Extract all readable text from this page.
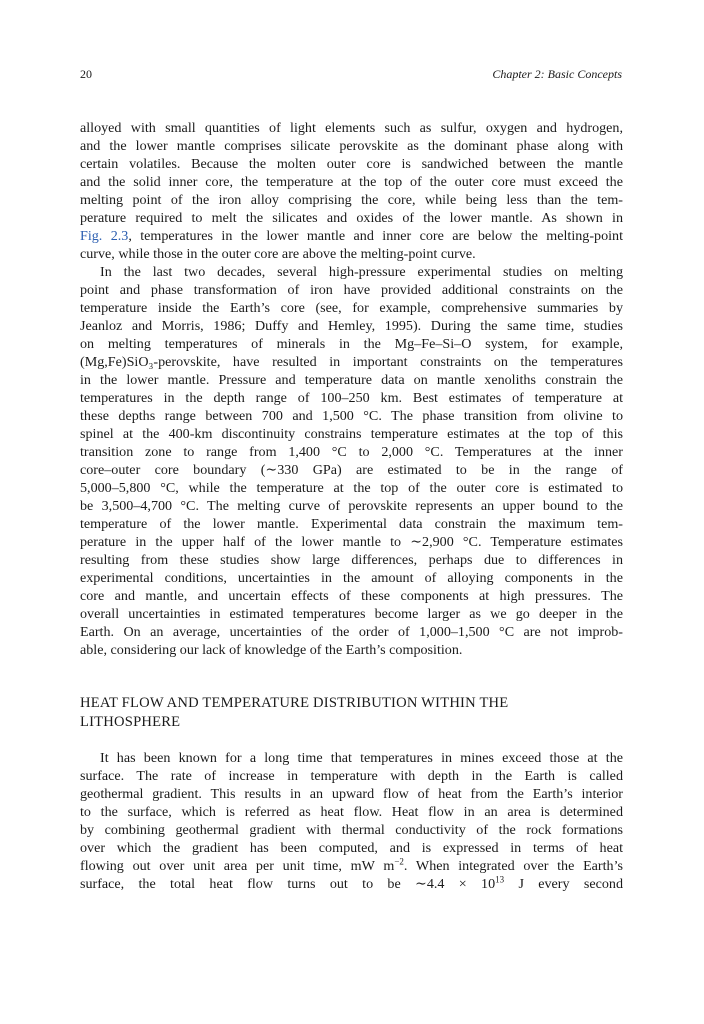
20	Chapter 2: Basic Concepts
alloyed with small quantities of light elements such as sulfur, oxygen and hydrogen,
and the lower mantle comprises silicate perovskite as the dominant phase along with
certain volatiles. Because the molten outer core is sandwiched between the mantle
and the solid inner core, the temperature at the top of the outer core must exceed the
melting point of the iron alloy comprising the core, while being less than the tem-
perature required to melt the silicates and oxides of the lower mantle. As shown in
Fig. 2.3, temperatures in the lower mantle and inner core are below the melting-point
curve, while those in the outer core are above the melting-point curve.
In the last two decades, several high-pressure experimental studies on melting
point and phase transformation of iron have provided additional constraints on the
temperature inside the Earth’s core (see, for example, comprehensive summaries by
Jeanloz and Morris, 1986; Duffy and Hemley, 1995). During the same time, studies
on melting temperatures of minerals in the Mg–Fe–Si–O system, for example,
(Mg,Fe)SiO₃-perovskite, have resulted in important constraints on the temperatures
in the lower mantle. Pressure and temperature data on mantle xenoliths constrain the
temperatures in the depth range of 100–250 km. Best estimates of temperature at
these depths range between 700 and 1,500 °C. The phase transition from olivine to
spinel at the 400-km discontinuity constrains temperature estimates at the top of this
transition zone to range from 1,400 °C to 2,000 °C. Temperatures at the inner
core–outer core boundary (∼330 GPa) are estimated to be in the range of
5,000–5,800 °C, while the temperature at the top of the outer core is estimated to
be 3,500–4,700 °C. The melting curve of perovskite represents an upper bound to the
temperature of the lower mantle. Experimental data constrain the maximum tem-
perature in the upper half of the lower mantle to ∼2,900 °C. Temperature estimates
resulting from these studies show large differences, perhaps due to differences in
experimental conditions, uncertainties in the amount of alloying components in the
core and mantle, and uncertain effects of these components at high pressures. The
overall uncertainties in estimated temperatures become larger as we go deeper in the
Earth. On an average, uncertainties of the order of 1,000–1,500 °C are not improb-
able, considering our lack of knowledge of the Earth’s composition.
HEAT FLOW AND TEMPERATURE DISTRIBUTION WITHIN THE
LITHOSPHERE
It has been known for a long time that temperatures in mines exceed those at the
surface. The rate of increase in temperature with depth in the Earth is called
geothermal gradient. This results in an upward flow of heat from the Earth’s interior
to the surface, which is referred as heat flow. Heat flow in an area is determined
by combining geothermal gradient with thermal conductivity of the rock formations
over which the gradient has been computed, and is expressed in terms of heat
flowing out over unit area per unit time, mW $m^{-2}$. When integrated over the Earth’s
surface, the total heat flow turns out to be ∼4.4 × $10^{13}$ J every second
